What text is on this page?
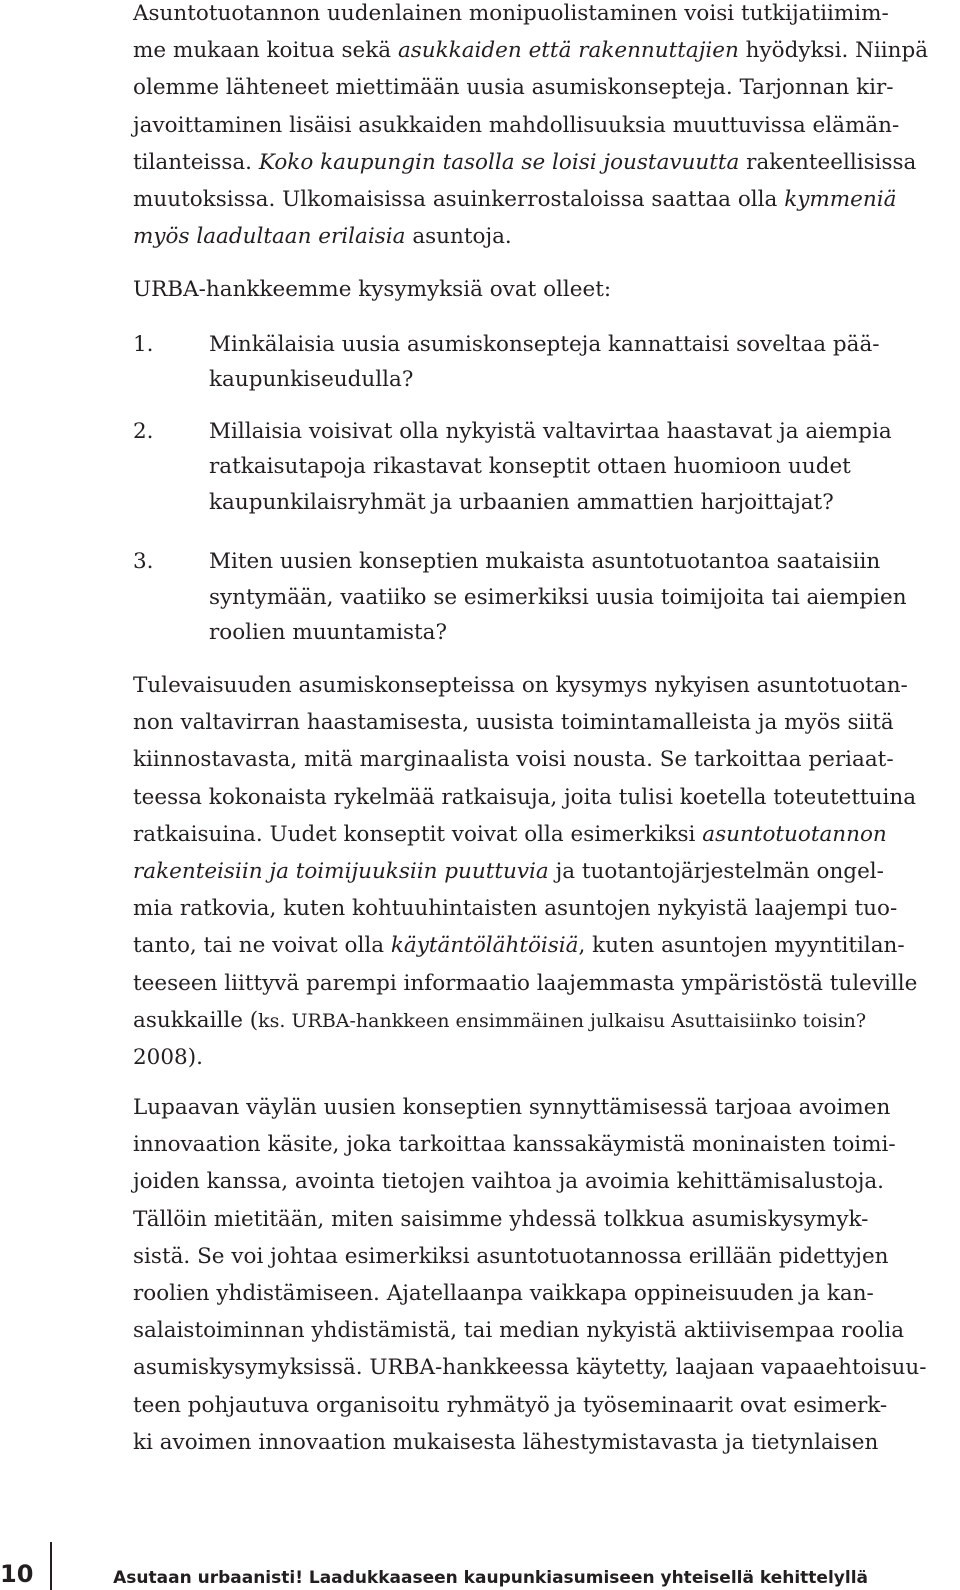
Asuntotuotannon uudenlainen monipuolistaminen voisi tutkijatiimim-
me mukaan koitua sekä asukkaiden että rakennuttajien hyödyksi. Niinpä
olemme lähteneet miettimään uusia asumiskonsepteja. Tarjonnan kir-
javoittaminen lisäisi asukkaiden mahdollisuuksia muuttuvissa elämän-
tilanteissa. Koko kaupungin tasolla se loisi joustavuutta rakenteellisissa
muutoksissa. Ulkomaisissa asuinkerrostaloissa saattaa olla kymmeniä
myös laadultaan erilaisia asuntoja.
URBA-hankkeemme kysymyksiä ovat olleet:
1.	Minkälaisia uusia asumiskonsepteja kannattaisi soveltaa pää-
kaupunkiseudulla?
2.	Millaisia voisivat olla nykyistä valtavirtaa haastavat ja aiempia
ratkaisutapoja rikastavat konseptit ottaen huomioon uudet
kaupunkilaisryhmät ja urbaanien ammattien harjoittajat?
3.	Miten uusien konseptien mukaista asuntotuotantoa saataisiin
syntymään, vaatiiko se esimerkiksi uusia toimijoita tai aiempien
roolien muuntamista?
Tulevaisuuden asumiskonsepteissa on kysymys nykyisen asuntotuotan-
non valtavirran haastamisesta, uusista toimintamalleista ja myös siitä
kiinnostavasta, mitä marginaalista voisi nousta. Se tarkoittaa periaat-
teessa kokonaista rykelmää ratkaisuja, joita tulisi koetella toteutettuina
ratkaisuina. Uudet konseptit voivat olla esimerkiksi asuntotuotannon
rakenteisiin ja toimijuuksiin puuttuvia ja tuotantojärjestelmän ongel-
mia ratkovia, kuten kohtuuhintaisten asuntojen nykyistä laajempi tuo-
tanto, tai ne voivat olla käytäntölähtöisiä, kuten asuntojen myyntitilan-
teeseen liittyvä parempi informaatio laajemmasta ympäristöstä tuleville
asukkaille (ks. URBA-hankkeen ensimmäinen julkaisu Asuttaisiinko toisin?
2008).
Lupaavan väylän uusien konseptien synnyttämisessä tarjoaa avoimen
innovaation käsite, joka tarkoittaa kanssakäymistä moninaisten toimi-
joiden kanssa, avointa tietojen vaihtoa ja avoimia kehittämisalustoja.
Tällöin mietitään, miten saisimme yhdessä tolkkua asumiskysymyk-
sistä. Se voi johtaa esimerkiksi asuntotuotannossa erillään pidettyjen
roolien yhdistämiseen. Ajatellaanpa vaikkapa oppineisuuden ja kan-
salaistoiminnan yhdistämistä, tai median nykyistä aktiivisempaa roolia
asumiskysymyksissä. URBA-hankkeessa käytetty, laajaan vapaaehtoisuu-
teen pohjautuva organisoitu ryhmätyö ja työseminaarit ovat esimerk-
ki avoimen innovaation mukaisesta lähestymistavasta ja tietynlaisen
10	Asutaan urbaanisti! Laadukkaaseen kaupunkiasumiseen yhteisellä kehittelyllä
